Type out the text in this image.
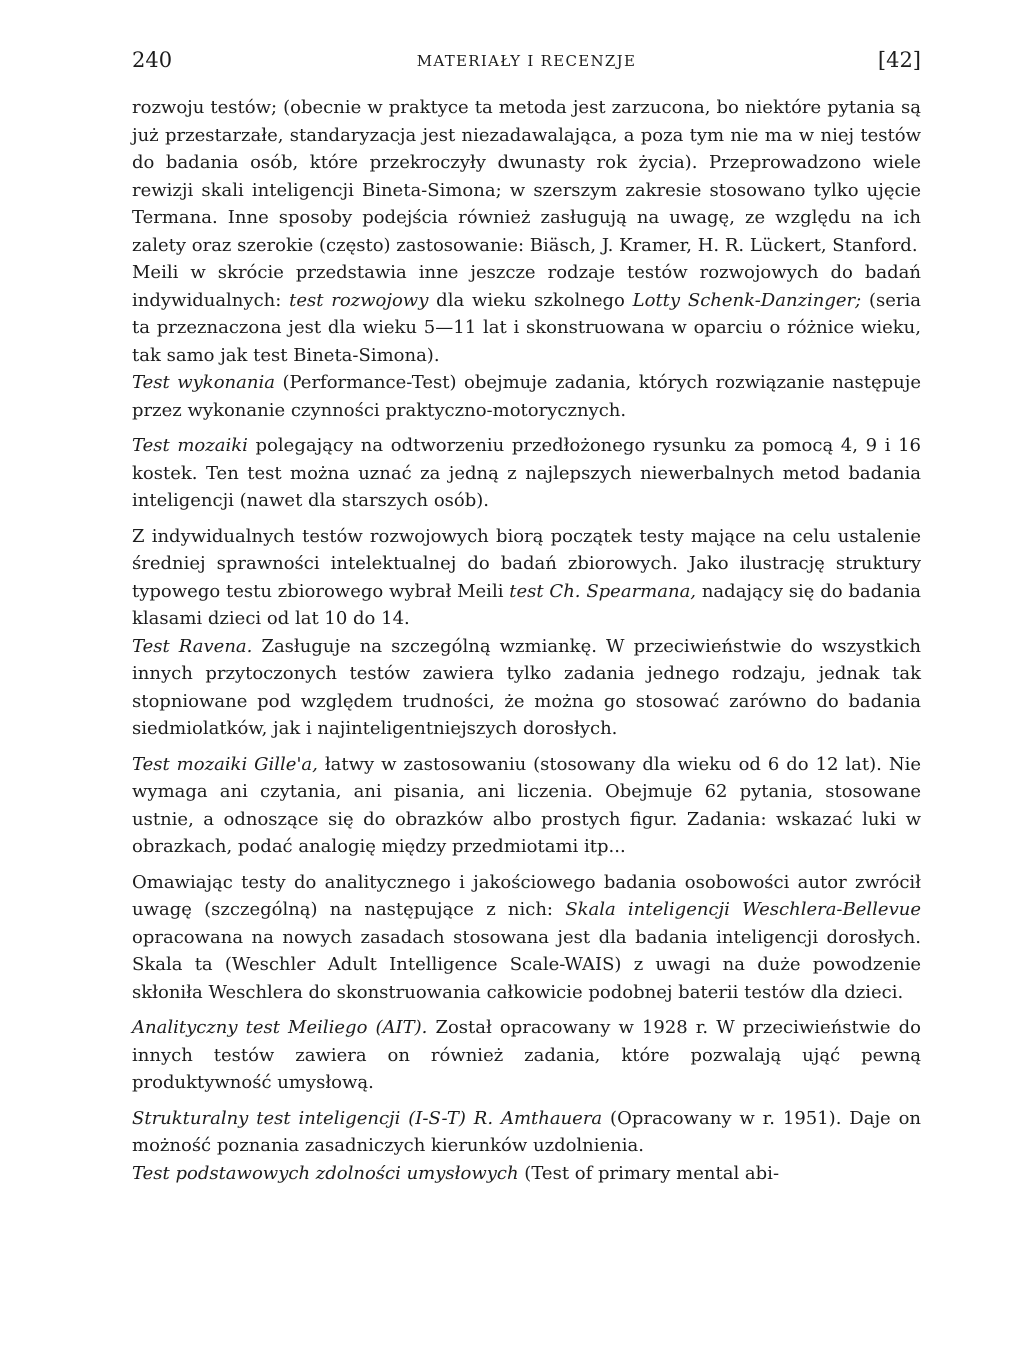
240	MATERIAŁY I RECENZJE	[42]

rozwoju testów; (obecnie w praktyce ta metoda jest zarzucona, bo niektóre pytania są już przestarzałe, standaryzacja jest niezadawalająca, a poza tym nie ma w niej testów do badania osób, które przekroczyły dwunasty rok życia). Przeprowadzono wiele rewizji skali inteligencji Bineta-Simona; w szerszym zakresie stosowano tylko ujęcie Termana. Inne sposoby podejścia również zasługują na uwagę, ze względu na ich zalety oraz szerokie (często) zastosowanie: Biäsch, J. Kramer, H. R. Lückert, Stanford.

Meili w skrócie przedstawia inne jeszcze rodzaje testów rozwojowych do badań indywidualnych: test rozwojowy dla wieku szkolnego Lotty Schenk-Danzinger; (seria ta przeznaczona jest dla wieku 5—11 lat i skonstruowana w oparciu o różnice wieku, tak samo jak test Bineta-Simona).

Test wykonania (Performance-Test) obejmuje zadania, których rozwiązanie następuje przez wykonanie czynności praktyczno-motorycznych.

Test mozaiki polegający na odtworzeniu przedłożonego rysunku za pomocą 4, 9 i 16 kostek. Ten test można uznać za jedną z najlepszych niewerbalnych metod badania inteligencji (nawet dla starszych osób).

Z indywidualnych testów rozwojowych biorą początek testy mające na celu ustalenie średniej sprawności intelektualnej do badań zbiorowych. Jako ilustrację struktury typowego testu zbiorowego wybrał Meili test Ch. Spearmana, nadający się do badania klasami dzieci od lat 10 do 14.

Test Ravena. Zasługuje na szczególną wzmiankę. W przeciwieństwie do wszystkich innych przytoczonych testów zawiera tylko zadania jednego rodzaju, jednak tak stopniowane pod względem trudności, że można go stosować zarówno do badania siedmiolatków, jak i najinteligentniejszych dorosłych.

Test mozaiki Gille'a, łatwy w zastosowaniu (stosowany dla wieku od 6 do 12 lat). Nie wymaga ani czytania, ani pisania, ani liczenia. Obejmuje 62 pytania, stosowane ustnie, a odnoszące się do obrazków albo prostych figur. Zadania: wskazać luki w obrazkach, podać analogię między przedmiotami itp...

Omawiając testy do analitycznego i jakościowego badania osobowości autor zwrócił uwagę (szczególną) na następujące z nich: Skala inteligencji Weschlera-Bellevue opracowana na nowych zasadach stosowana jest dla badania inteligencji dorosłych. Skala ta (Weschler Adult Intelligence Scale-WAIS) z uwagi na duże powodzenie skłoniła Weschlera do skonstruowania całkowicie podobnej baterii testów dla dzieci.

Analityczny test Meiliego (AIT). Został opracowany w 1928 r. W przeciwieństwie do innych testów zawiera on również zadania, które pozwalają ująć pewną produktywność umysłową.

Strukturalny test inteligencji (I-S-T) R. Amthauera (Opracowany w r. 1951). Daje on możność poznania zasadniczych kierunków uzdolnienia.

Test podstawowych zdolności umysłowych (Test of primary mental abi-
